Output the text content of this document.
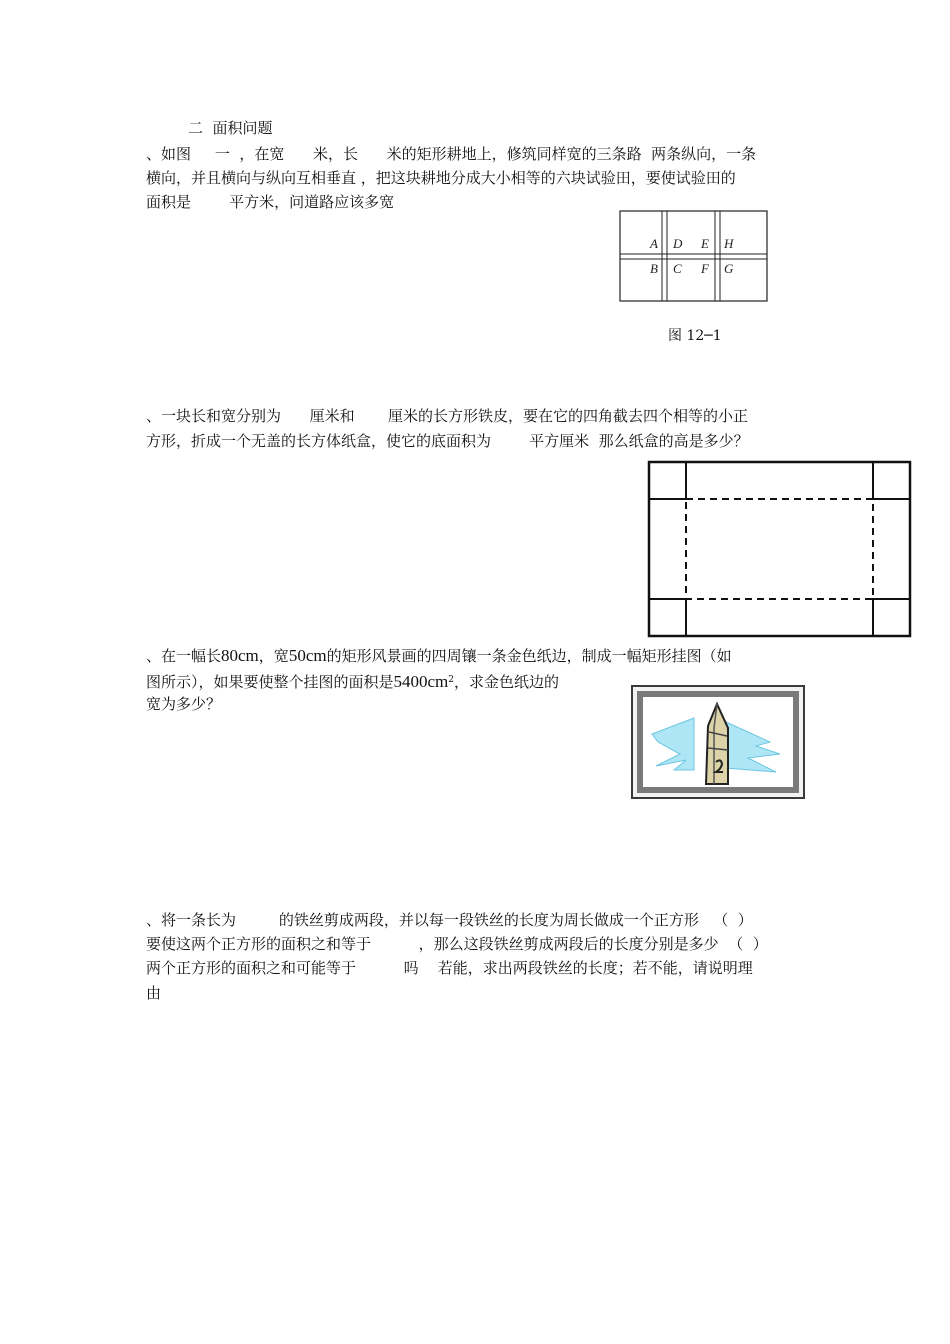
二  面积问题
、如图     一  ，在宽      米，长      米的矩形耕地上，修筑同样宽的三条路  两条纵向，一条
横向，并且横向与纵向互相垂直 ，把这块耕地分成大小相等的六块试验田，要使试验田的
面积是        平方米，问道路应该多宽
A D E H
B C F G
图 12─1
、一块长和宽分别为      厘米和       厘米的长方形铁皮，要在它的四角截去四个相等的小正
方形，折成一个无盖的长方体纸盒，使它的底面积为        平方厘米  那么纸盒的高是多少？
、在一幅长80cm，宽50cm的矩形风景画的四周镶一条金色纸边，制成一幅矩形挂图（如
图所示），如果要使整个挂图的面积是$5400cm^2$，求金色纸边的
宽为多少？
、将一条长为         的铁丝剪成两段，并以每一段铁丝的长度为周长做成一个正方形   （  ）
要使这两个正方形的面积之和等于          ，那么这段铁丝剪成两段后的长度分别是多少  （  ）
两个正方形的面积之和可能等于          吗    若能，求出两段铁丝的长度；若不能，请说明理
由
